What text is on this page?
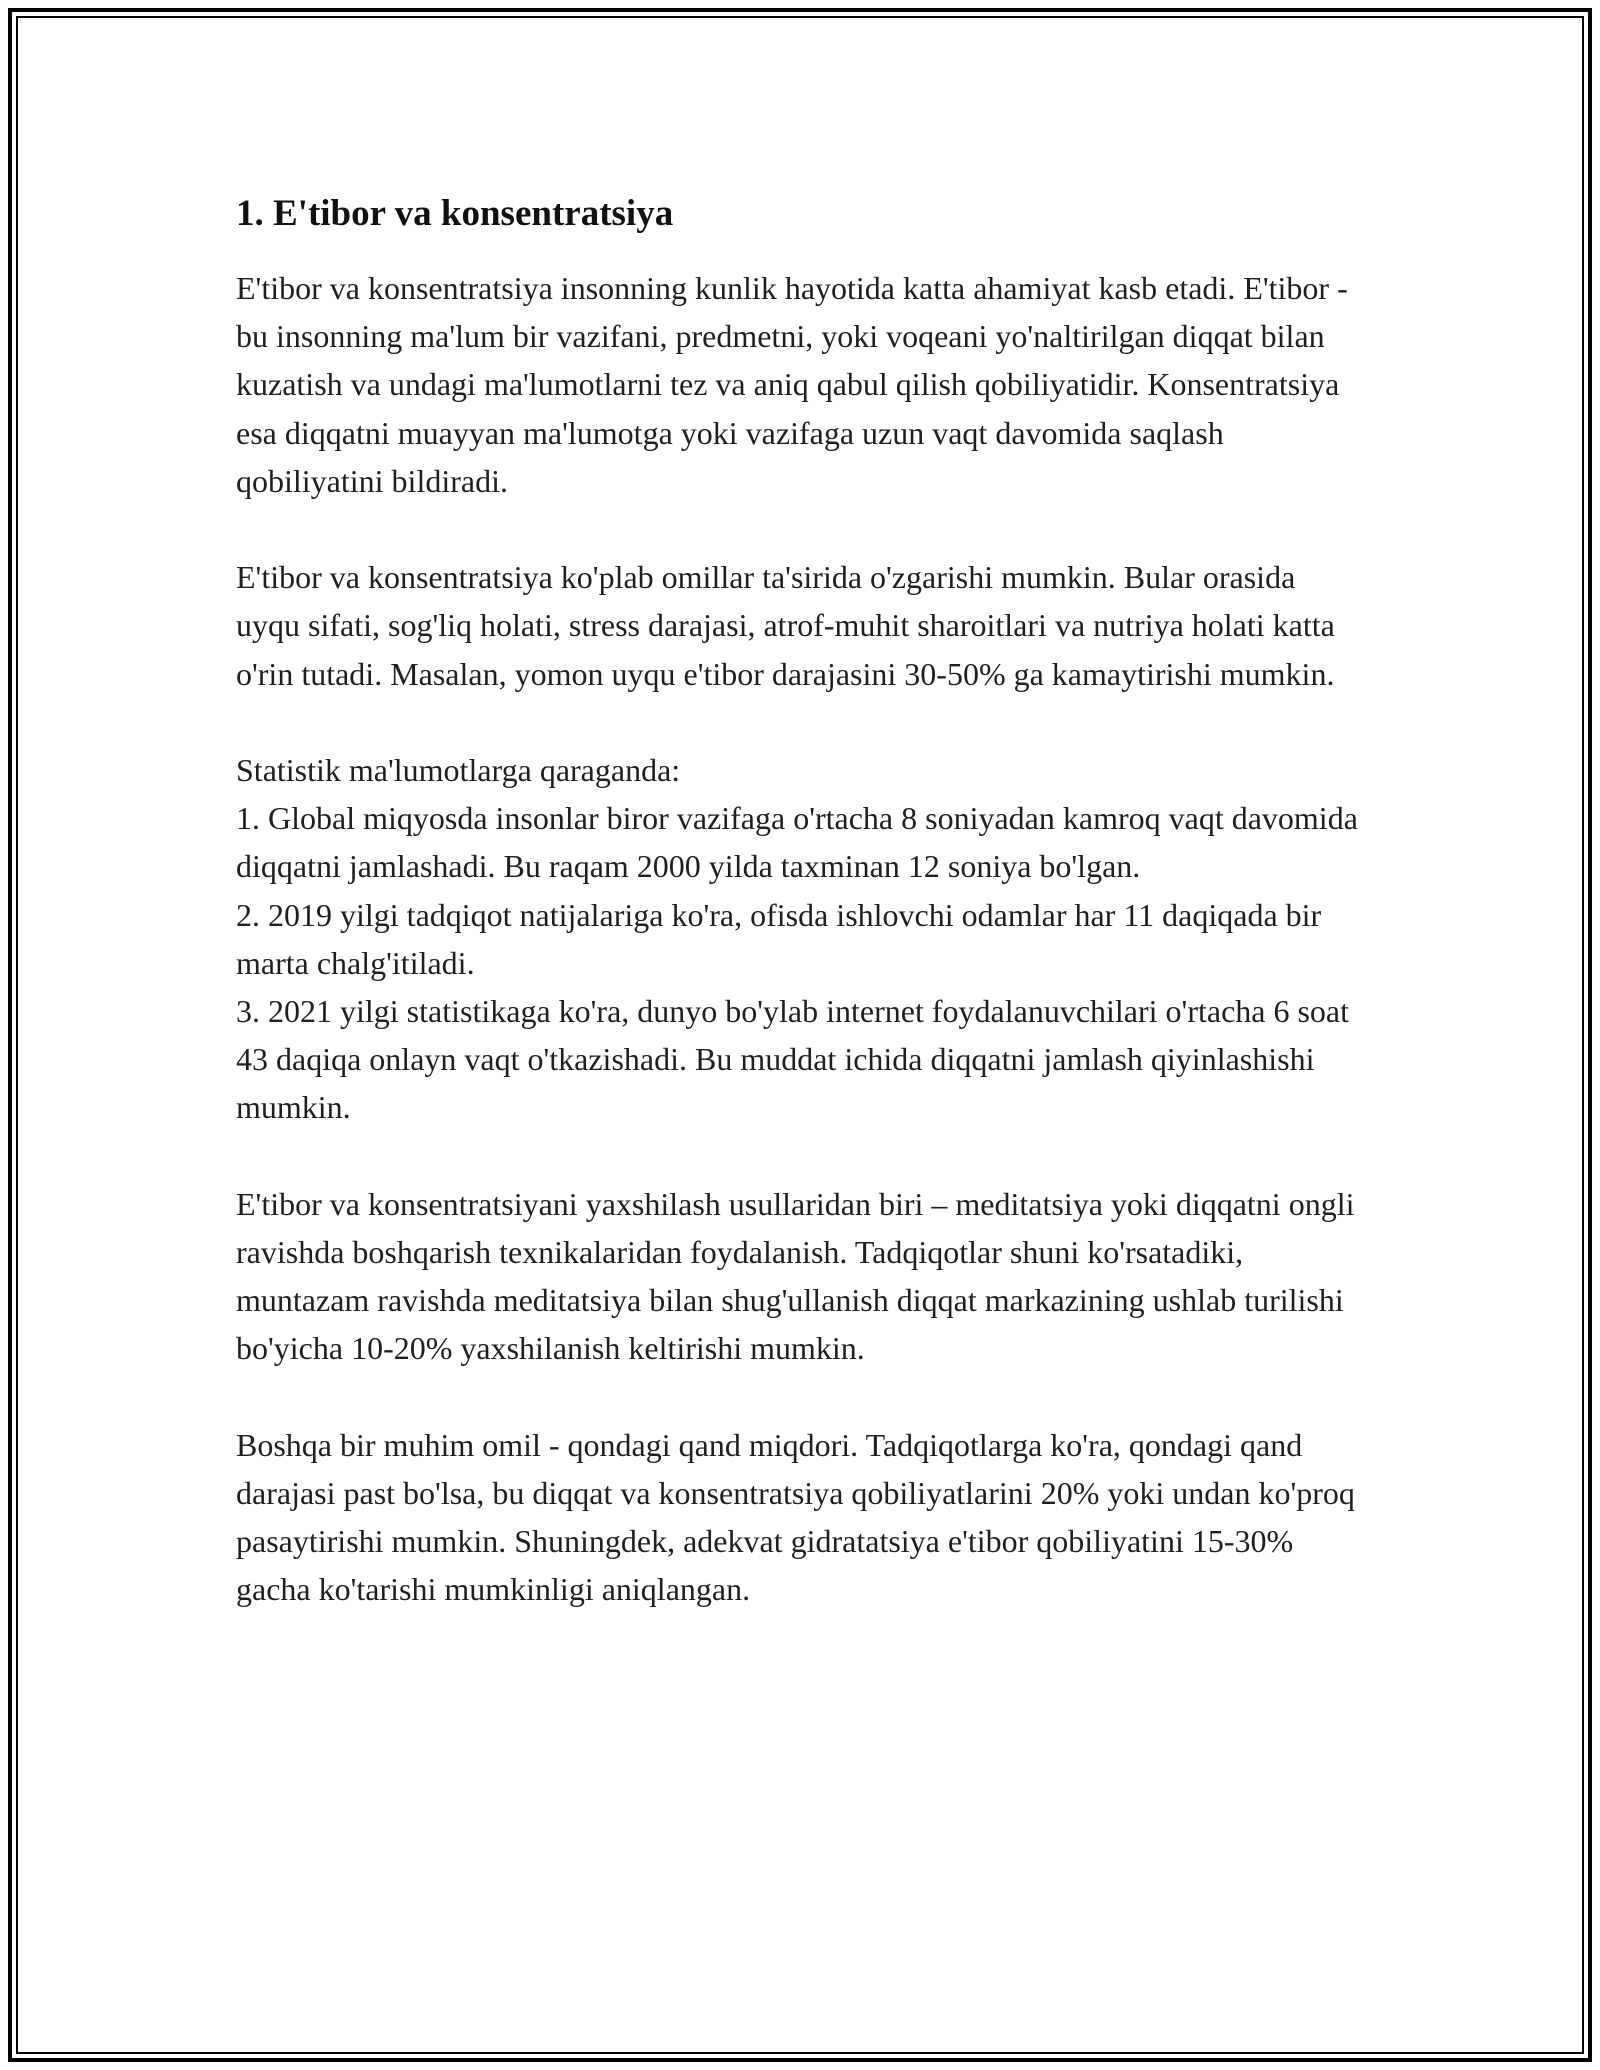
1. E'tibor va konsentratsiya

E'tibor va konsentratsiya insonning kunlik hayotida katta ahamiyat kasb etadi. E'tibor - bu insonning ma'lum bir vazifani, predmetni, yoki voqeani yo'naltirilgan diqqat bilan kuzatish va undagi ma'lumotlarni tez va aniq qabul qilish qobiliyatidir. Konsentratsiya esa diqqatni muayyan ma'lumotga yoki vazifaga uzun vaqt davomida saqlash qobiliyatini bildiradi.

E'tibor va konsentratsiya ko'plab omillar ta'sirida o'zgarishi mumkin. Bular orasida uyqu sifati, sog'liq holati, stress darajasi, atrof-muhit sharoitlari va nutriya holati katta o'rin tutadi. Masalan, yomon uyqu e'tibor darajasini 30-50% ga kamaytirishi mumkin.

Statistik ma'lumotlarga qaraganda:
1. Global miqyosda insonlar biror vazifaga o'rtacha 8 soniyadan kamroq vaqt davomida diqqatni jamlashadi. Bu raqam 2000 yilda taxminan 12 soniya bo'lgan.
2. 2019 yilgi tadqiqot natijalariga ko'ra, ofisda ishlovchi odamlar har 11 daqiqada bir marta chalg'itiladi.
3. 2021 yilgi statistikaga ko'ra, dunyo bo'ylab internet foydalanuvchilari o'rtacha 6 soat 43 daqiqa onlayn vaqt o'tkazishadi. Bu muddat ichida diqqatni jamlash qiyinlashishi mumkin.

E'tibor va konsentratsiyani yaxshilash usullaridan biri – meditatsiya yoki diqqatni ongli ravishda boshqarish texnikalaridan foydalanish. Tadqiqotlar shuni ko'rsatadiki, muntazam ravishda meditatsiya bilan shug'ullanish diqqat markazining ushlab turilishi bo'yicha 10-20% yaxshilanish keltirishi mumkin.

Boshqa bir muhim omil - qondagi qand miqdori. Tadqiqotlarga ko'ra, qondagi qand darajasi past bo'lsa, bu diqqat va konsentratsiya qobiliyatlarini 20% yoki undan ko'proq pasaytirishi mumkin. Shuningdek, adekvat gidratatsiya e'tibor qobiliyatini 15-30% gacha ko'tarishi mumkinligi aniqlangan.
